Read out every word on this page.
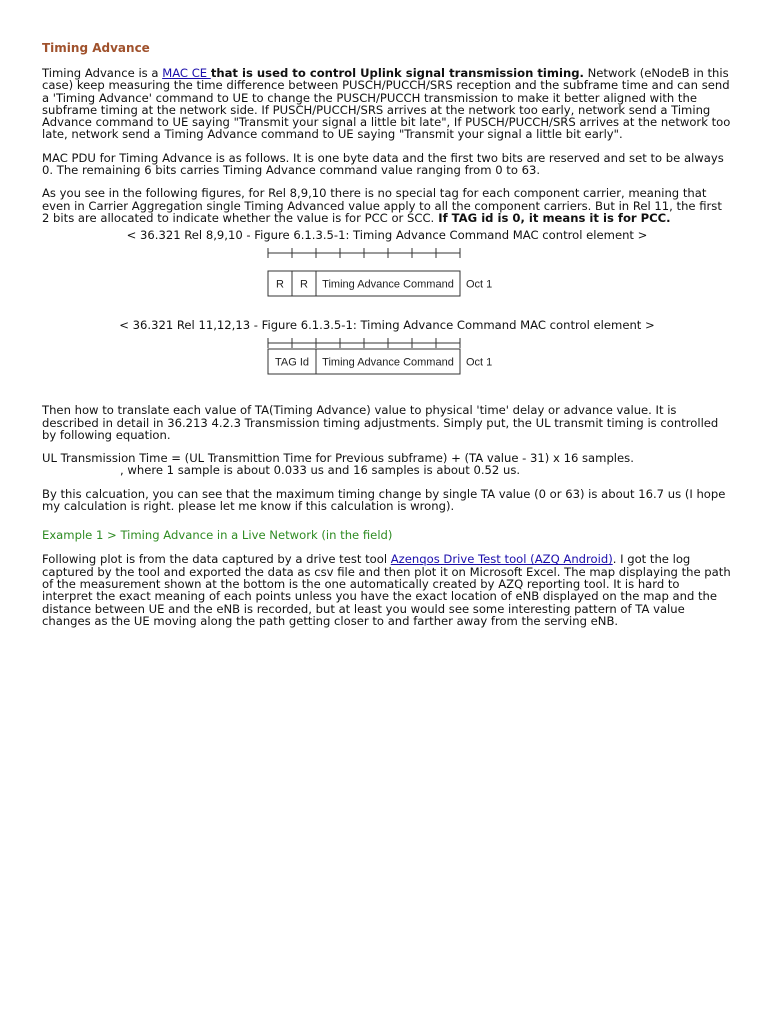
Timing Advance

Timing Advance is a MAC CE that is used to control Uplink signal transmission timing. Network (eNodeB in this case) keep measuring the time difference between PUSCH/PUCCH/SRS reception and the subframe time and can send a 'Timing Advance' command to UE to change the PUSCH/PUCCH transmission to make it better aligned with the subframe timing at the network side. If PUSCH/PUCCH/SRS arrives at the network too early, network send a Timing Advance command to UE saying "Transmit your signal a little bit late", If PUSCH/PUCCH/SRS arrives at the network too late, network send a Timing Advance command to UE saying "Transmit your signal a little bit early".

MAC PDU for Timing Advance is as follows. It is one byte data and the first two bits are reserved and set to be always 0. The remaining 6 bits carries Timing Advance command value ranging from 0 to 63.

As you see in the following figures, for Rel 8,9,10 there is no special tag for each component carrier, meaning that even in Carrier Aggregation single Timing Advanced value apply to all the component carriers. But in Rel 11, the first 2 bits are allocated to indicate whether the value is for PCC or SCC. If TAG id is 0, it means it is for PCC.

< 36.321 Rel 8,9,10 - Figure 6.1.3.5-1: Timing Advance Command MAC control element >
R R Timing Advance Command Oct 1
< 36.321 Rel 11,12,13 - Figure 6.1.3.5-1: Timing Advance Command MAC control element >
TAG Id Timing Advance Command Oct 1

Then how to translate each value of TA(Timing Advance) value to physical 'time' delay or advance value. It is described in detail in 36.213 4.2.3 Transmission timing adjustments. Simply put, the UL transmit timing is controlled by following equation.

UL Transmission Time = (UL Transmittion Time for Previous subframe) + (TA value - 31) x 16 samples.
, where 1 sample is about 0.033 us and 16 samples is about 0.52 us.

By this calcuation, you can see that the maximum timing change by single TA value (0 or 63) is about 16.7 us (I hope my calculation is right. please let me know if this calculation is wrong).

Example 1 > Timing Advance in a Live Network (in the field)

Following plot is from the data captured by a drive test tool Azenqos Drive Test tool (AZQ Android). I got the log captured by the tool and exported the data as csv file and then plot it on Microsoft Excel. The map displaying the path of the measurement shown at the bottom is the one automatically created by AZQ reporting tool. It is hard to interpret the exact meaning of each points unless you have the exact location of eNB displayed on the map and the distance between UE and the eNB is recorded, but at least you would see some interesting pattern of TA value changes as the UE moving along the path getting closer to and farther away from the serving eNB.
